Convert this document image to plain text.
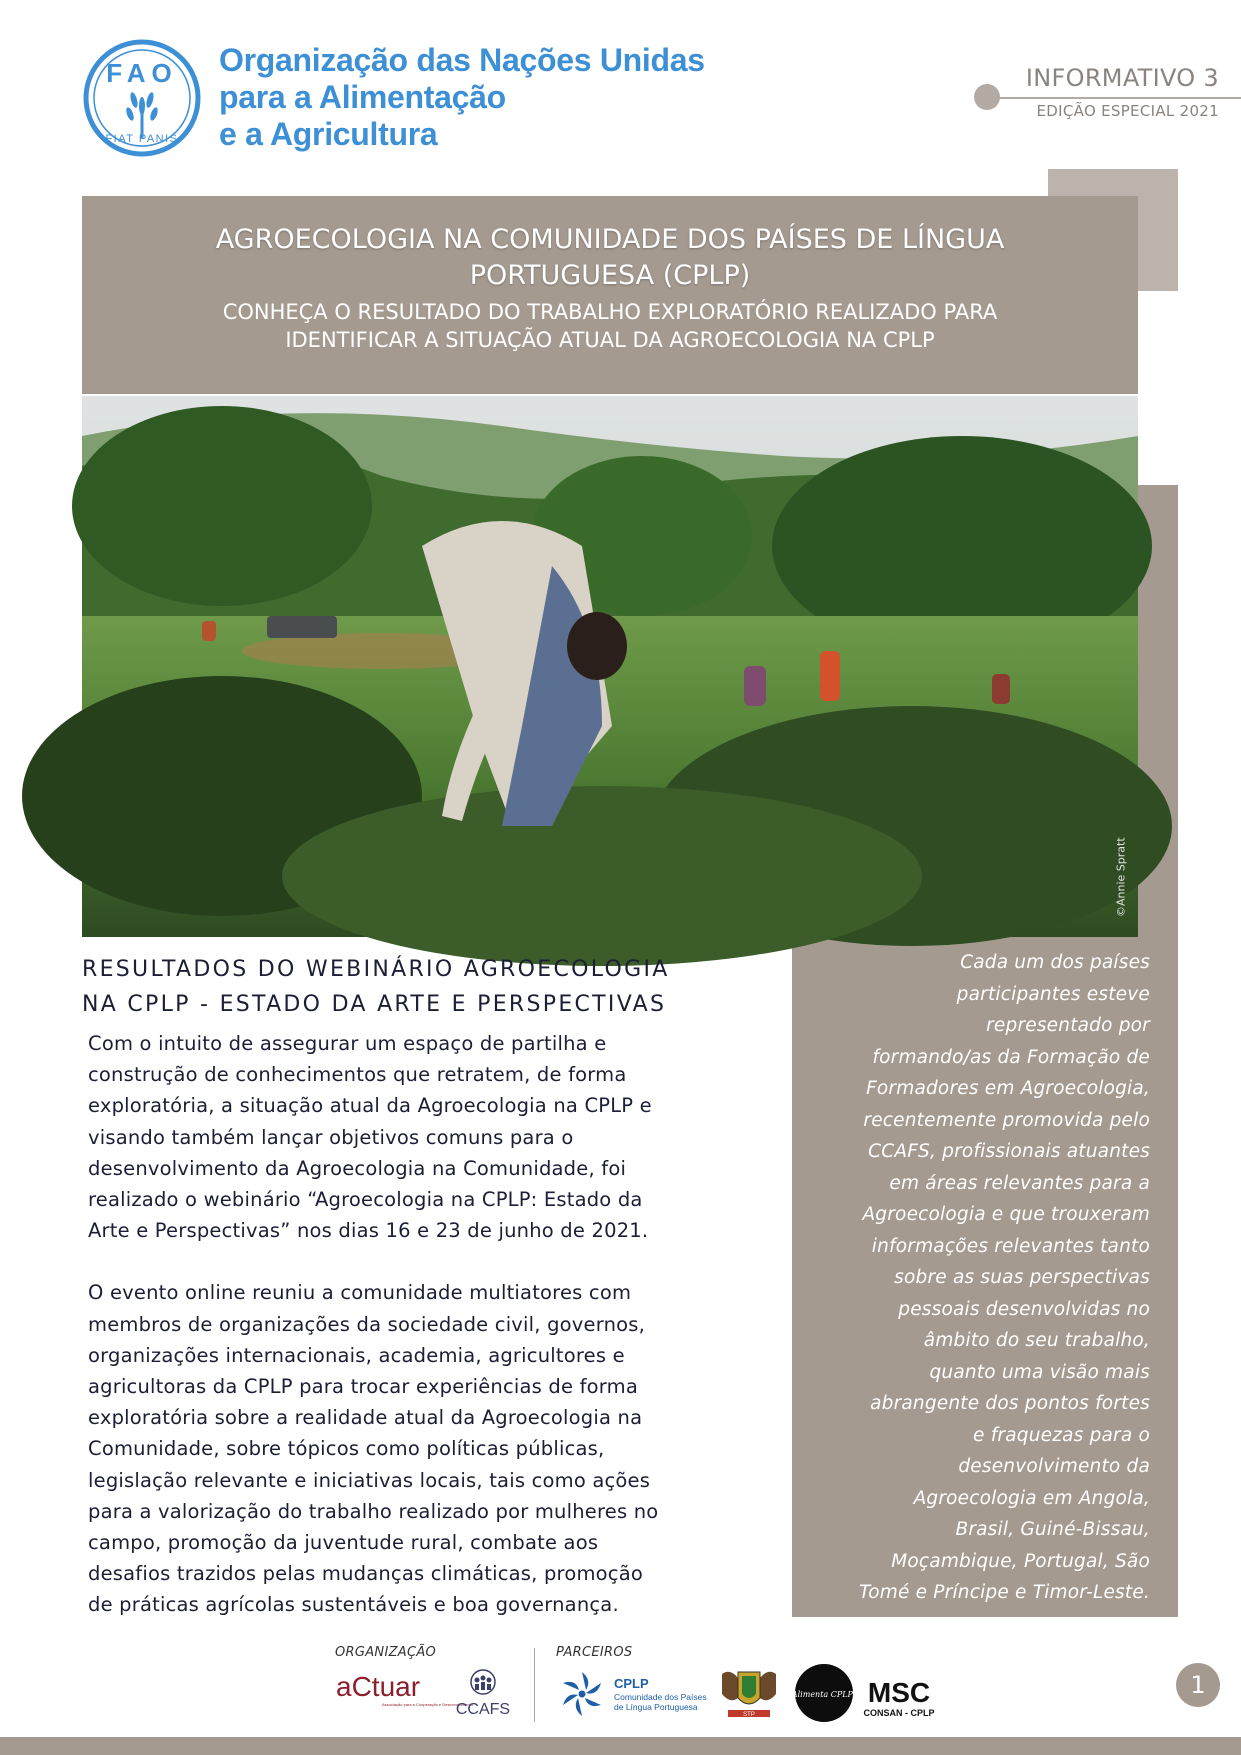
FAO
FIAT PANIS
Organização das Nações Unidas
para a Alimentação
e a Agricultura
INFORMATIVO 3
EDIÇÃO ESPECIAL 2021
AGROECOLOGIA NA COMUNIDADE DOS PAÍSES DE LÍNGUA
PORTUGUESA (CPLP)
CONHEÇA O RESULTADO DO TRABALHO EXPLORATÓRIO REALIZADO PARA
IDENTIFICAR A SITUAÇÃO ATUAL DA AGROECOLOGIA NA CPLP
©Annie Spratt
Cada um dos países
participantes esteve
representado por
formando/as da Formação de
Formadores em Agroecologia,
recentemente promovida pelo
CCAFS, profissionais atuantes
em áreas relevantes para a
Agroecologia e que trouxeram
informações relevantes tanto
sobre as suas perspectivas
pessoais desenvolvidas no
âmbito do seu trabalho,
quanto uma visão mais
abrangente dos pontos fortes
e fraquezas para o
desenvolvimento da
Agroecologia em Angola,
Brasil, Guiné-Bissau,
Moçambique, Portugal, São
Tomé e Príncipe e Timor-Leste.
RESULTADOS DO WEBINÁRIO AGROECOLOGIA
NA CPLP - ESTADO DA ARTE E PERSPECTIVAS

Com o intuito de assegurar um espaço de partilha e
construção de conhecimentos que retratem, de forma
exploratória, a situação atual da Agroecologia na CPLP e
visando também lançar objetivos comuns para o
desenvolvimento da Agroecologia na Comunidade, foi
realizado o webinário “Agroecologia na CPLP: Estado da
Arte e Perspectivas” nos dias 16 e 23 de junho de 2021.

O evento online reuniu a comunidade multiatores com
membros de organizações da sociedade civil, governos,
organizações internacionais, academia, agricultores e
agricultoras da CPLP para trocar experiências de forma
exploratória sobre a realidade atual da Agroecologia na
Comunidade, sobre tópicos como políticas públicas,
legislação relevante e iniciativas locais, tais como ações
para a valorização do trabalho realizado por mulheres no
campo, promoção da juventude rural, combate aos
desafios trazidos pelas mudanças climáticas, promoção
de práticas agrícolas sustentáveis e boa governança.

ORGANIZAÇÃO	PARCEIROS
aCtuar
Associação para a Cooperação e Desenvolvimento
CCAFS
CPLP
Comunidade dos Países
de Língua Portuguesa
STP
Alimenta CPLP! MSC
CONSAN - CPLP
1
